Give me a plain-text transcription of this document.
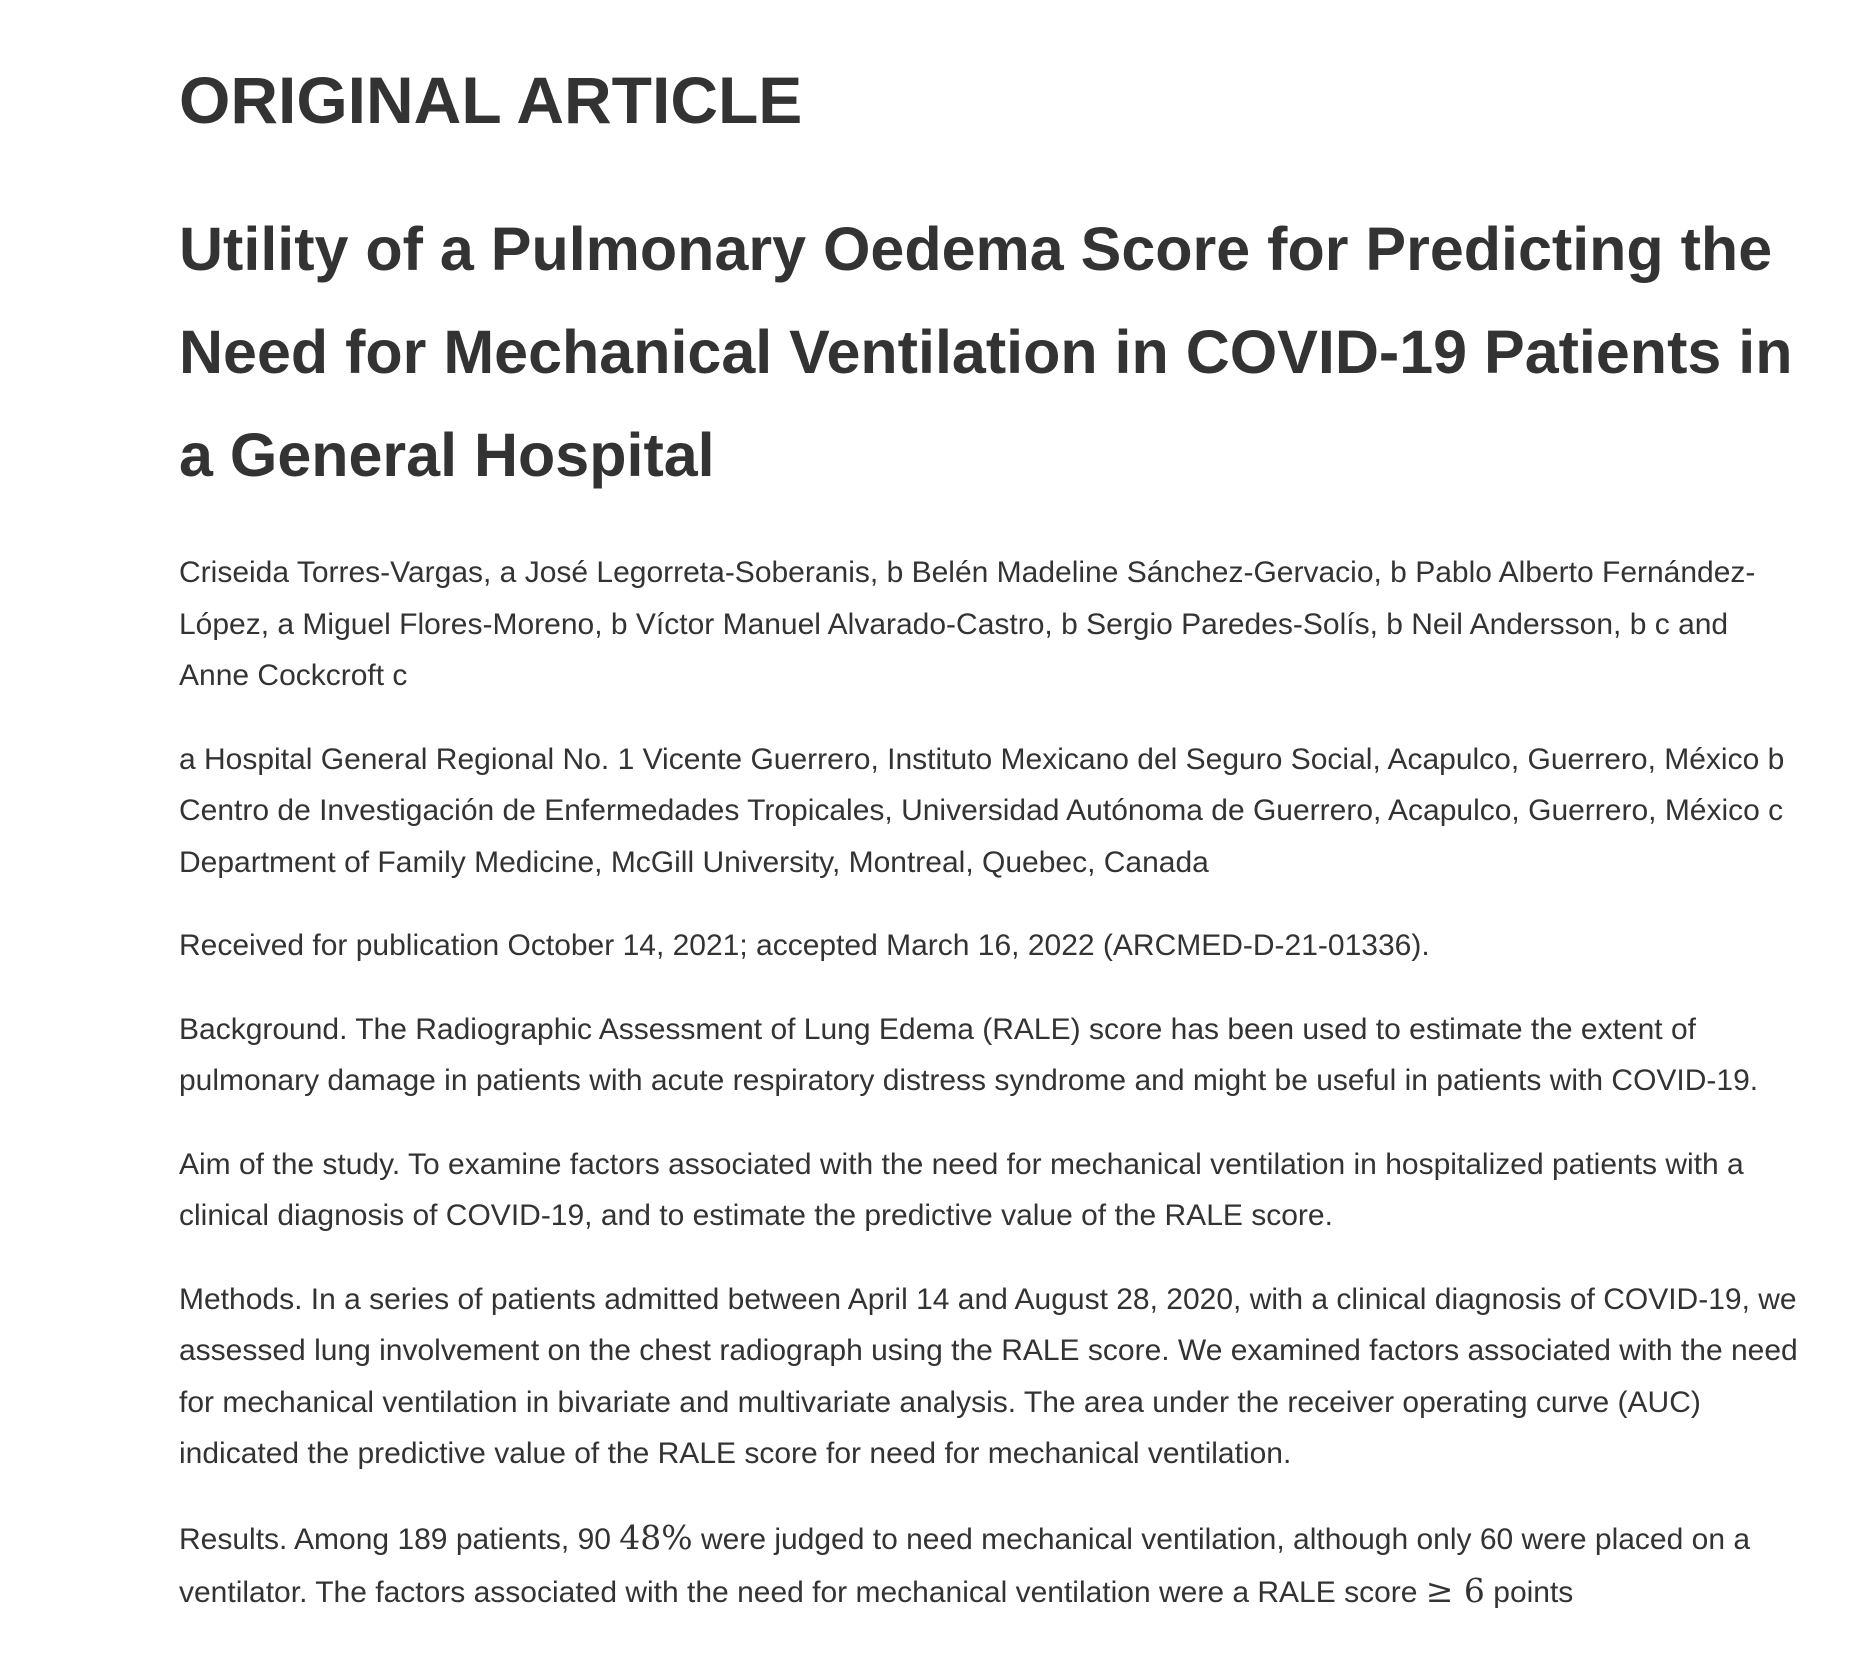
ORIGINAL ARTICLE
Utility of a Pulmonary Oedema Score for Predicting the Need for Mechanical Ventilation in COVID-19 Patients in a General Hospital

Criseida Torres-Vargas, a José Legorreta-Soberanis, b Belén Madeline Sánchez-Gervacio, b Pablo Alberto Fernández-López, a Miguel Flores-Moreno, b Víctor Manuel Alvarado-Castro, b Sergio Paredes-Solís, b Neil Andersson, b c and Anne Cockcroft c

a Hospital General Regional No. 1 Vicente Guerrero, Instituto Mexicano del Seguro Social, Acapulco, Guerrero, México b Centro de Investigación de Enfermedades Tropicales, Universidad Autónoma de Guerrero, Acapulco, Guerrero, México c Department of Family Medicine, McGill University, Montreal, Quebec, Canada

Received for publication October 14, 2021; accepted March 16, 2022 (ARCMED-D-21-01336).

Background. The Radiographic Assessment of Lung Edema (RALE) score has been used to estimate the extent of pulmonary damage in patients with acute respiratory distress syndrome and might be useful in patients with COVID-19.

Aim of the study. To examine factors associated with the need for mechanical ventilation in hospitalized patients with a clinical diagnosis of COVID-19, and to estimate the predictive value of the RALE score.

Methods. In a series of patients admitted between April 14 and August 28, 2020, with a clinical diagnosis of COVID-19, we assessed lung involvement on the chest radiograph using the RALE score. We examined factors associated with the need for mechanical ventilation in bivariate and multivariate analysis. The area under the receiver operating curve (AUC) indicated the predictive value of the RALE score for need for mechanical ventilation.

Results. Among 189 patients, 90 48% were judged to need mechanical ventilation, although only 60 were placed on a ventilator. The factors associated with the need for mechanical ventilation were a RALE score ≥ 6 points
